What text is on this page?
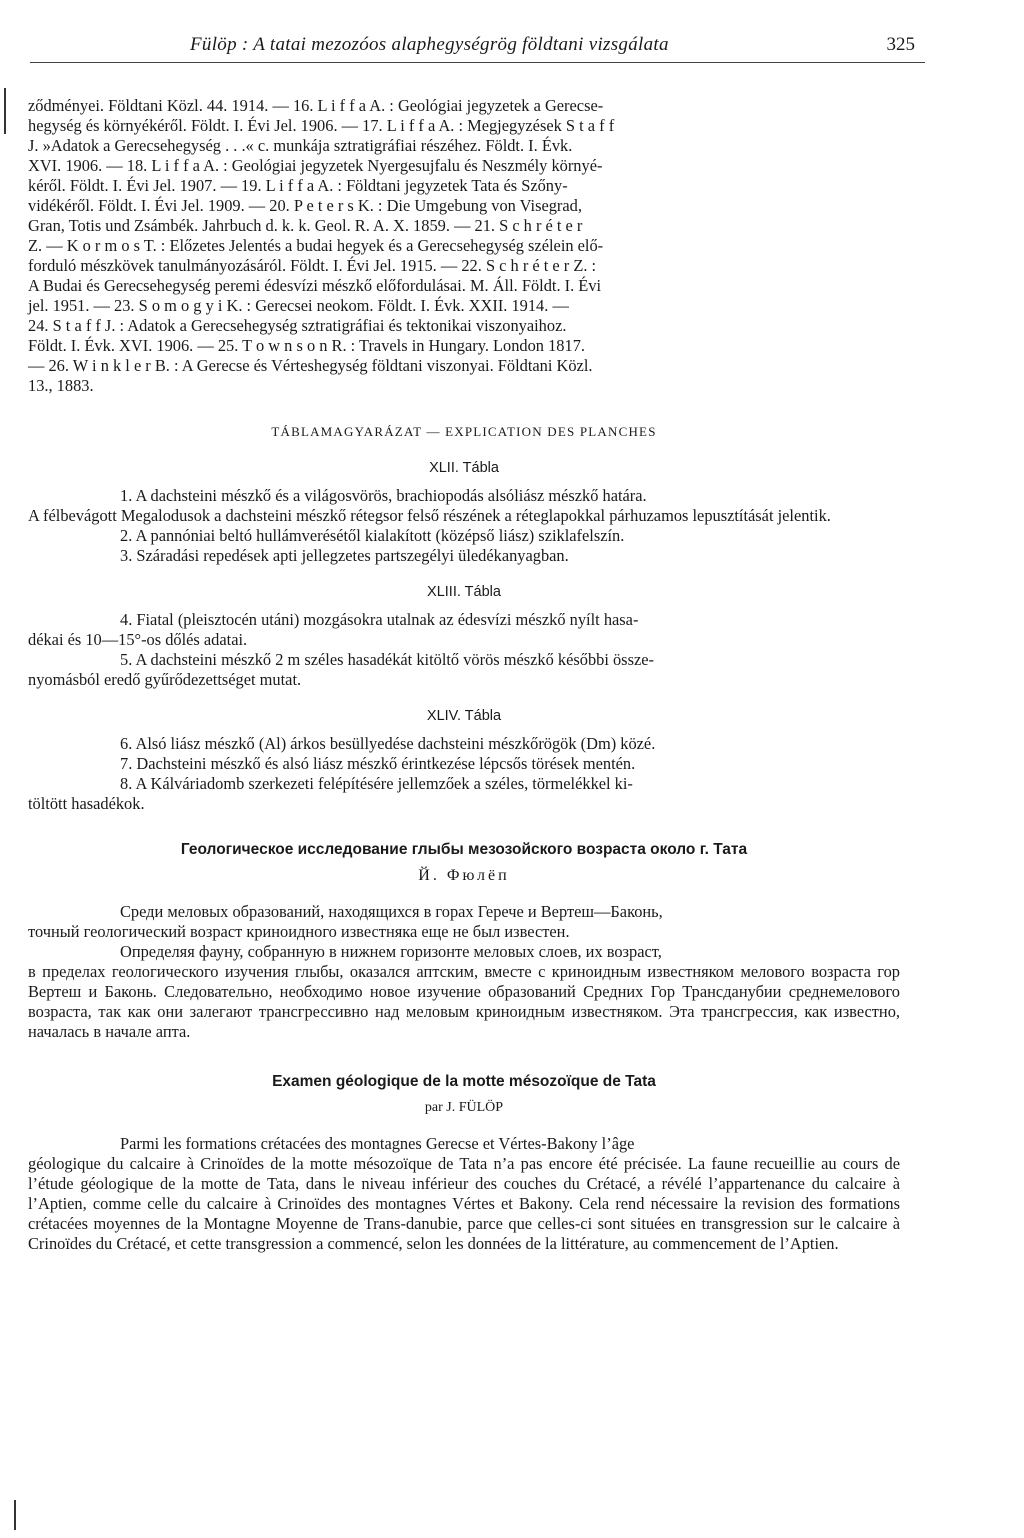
Fülöp : A tatai mezozóos alaphegységrög földtani vizsgálata	325
ződményei. Földtani Közl. 44. 1914. — 16. L i f f a A. : Geológiai jegyzetek a Gerecse-
hegység és környékéről. Földt. I. Évi Jel. 1906. — 17. L i f f a A. : Megjegyzések S t a f f
J. »Adatok a Gerecsehegység . . .« c. munkája sztratigráfiai részéhez. Földt. I. Évk.
XVI. 1906. — 18. L i f f a A. : Geológiai jegyzetek Nyergesujfalu és Neszmély környé-
kéről. Földt. I. Évi Jel. 1907. — 19. L i f f a A. : Földtani jegyzetek Tata és Szőny-
vidékéről. Földt. I. Évi Jel. 1909. — 20. P e t e r s K. : Die Umgebung von Visegrad,
Gran, Totis und Zsámbék. Jahrbuch d. k. k. Geol. R. A. X. 1859. — 21. S c h r é t e r
Z. — K o r m o s T. : Előzetes Jelentés a budai hegyek és a Gerecsehegység szélein elő-
forduló mészkövek tanulmányozásáról. Földt. I. Évi Jel. 1915. — 22. S c h r é t e r Z. :
A Budai és Gerecsehegység peremi édesvízi mészkő előfordulásai. M. Áll. Földt. I. Évi
jel. 1951. — 23. S o m o g y i K. : Gerecsei neokom. Földt. I. Évk. XXII. 1914. —
24. S t a f f J. : Adatok a Gerecsehegység sztratigráfiai és tektonikai viszonyaihoz.
Földt. I. Évk. XVI. 1906. — 25. T o w n s o n R. : Travels in Hungary. London 1817.
— 26. W i n k l e r B. : A Gerecse és Vérteshegység földtani viszonyai. Földtani Közl.
13., 1883.
TÁBLAMAGYARÁZAT — EXPLICATION DES PLANCHES
XLII. Tábla

1. A dachsteini mészkő és a világosvörös, brachiopodás alsóliász mészkő határa.

A félbevágott Megalodusok a dachsteini mészkő rétegsor felső részének a réteglapokkal párhuzamos lepusztítását jelentik.

2. A pannóniai beltó hullámverésétől kialakított (középső liász) sziklafelszín.

3. Száradási repedések apti jellegzetes partszegélyi üledékanyagban.

XLIII. Tábla

4. Fiatal (pleisztocén utáni) mozgásokra utalnak az édesvízi mészkő nyílt hasa-

dékai és 10—15°-os dőlés adatai.

5. A dachsteini mészkő 2 m széles hasadékát kitöltő vörös mészkő későbbi össze-

nyomásból eredő gyűrődezettséget mutat.

XLIV. Tábla

6. Alsó liász mészkő (Al) árkos besüllyedése dachsteini mészkőrögök (Dm) közé.

7. Dachsteini mészkő és alsó liász mészkő érintkezése lépcsős törések mentén.

8. A Kálváriadomb szerkezeti felépítésére jellemzőek a széles, törmelékkel ki-

töltött hasadékok.

Геологическое исследование глыбы мезозойского возраста около г. Тата
Й. Фюлёп

Среди меловых образований, находящихся в горах Герече и Вертеш—Баконь,

точный геологический возраст криноидного известняка еще не был известен.

Определяя фауну, собранную в нижнем горизонте меловых слоев, их возраст,

в пределах геологического изучения глыбы, оказался аптским, вместе с криноидным известняком мелового возраста гор Вертеш и Баконь. Следовательно, необходимо новое изучение образований Средних Гор Трансданубии среднемелового возраста, так как они залегают трансгрессивно над меловым криноидным известняком. Эта трансгрессия, как известно, началась в начале апта.

Examen géologique de la motte mésozoïque de Tata
par J. FÜLÖP

Parmi les formations crétacées des montagnes Gerecse et Vértes-Bakony l’âge

géologique du calcaire à Crinoïdes de la motte mésozoïque de Tata n’a pas encore été précisée. La faune recueillie au cours de l’étude géologique de la motte de Tata, dans le niveau inférieur des couches du Crétacé, a révélé l’appartenance du calcaire à l’Aptien, comme celle du calcaire à Crinoïdes des montagnes Vértes et Bakony. Cela rend nécessaire la revision des formations crétacées moyennes de la Montagne Moyenne de Trans-danubie, parce que celles-ci sont situées en transgression sur le calcaire à Crinoïdes du Crétacé, et cette transgression a commencé, selon les données de la littérature, au commencement de l’Aptien.
